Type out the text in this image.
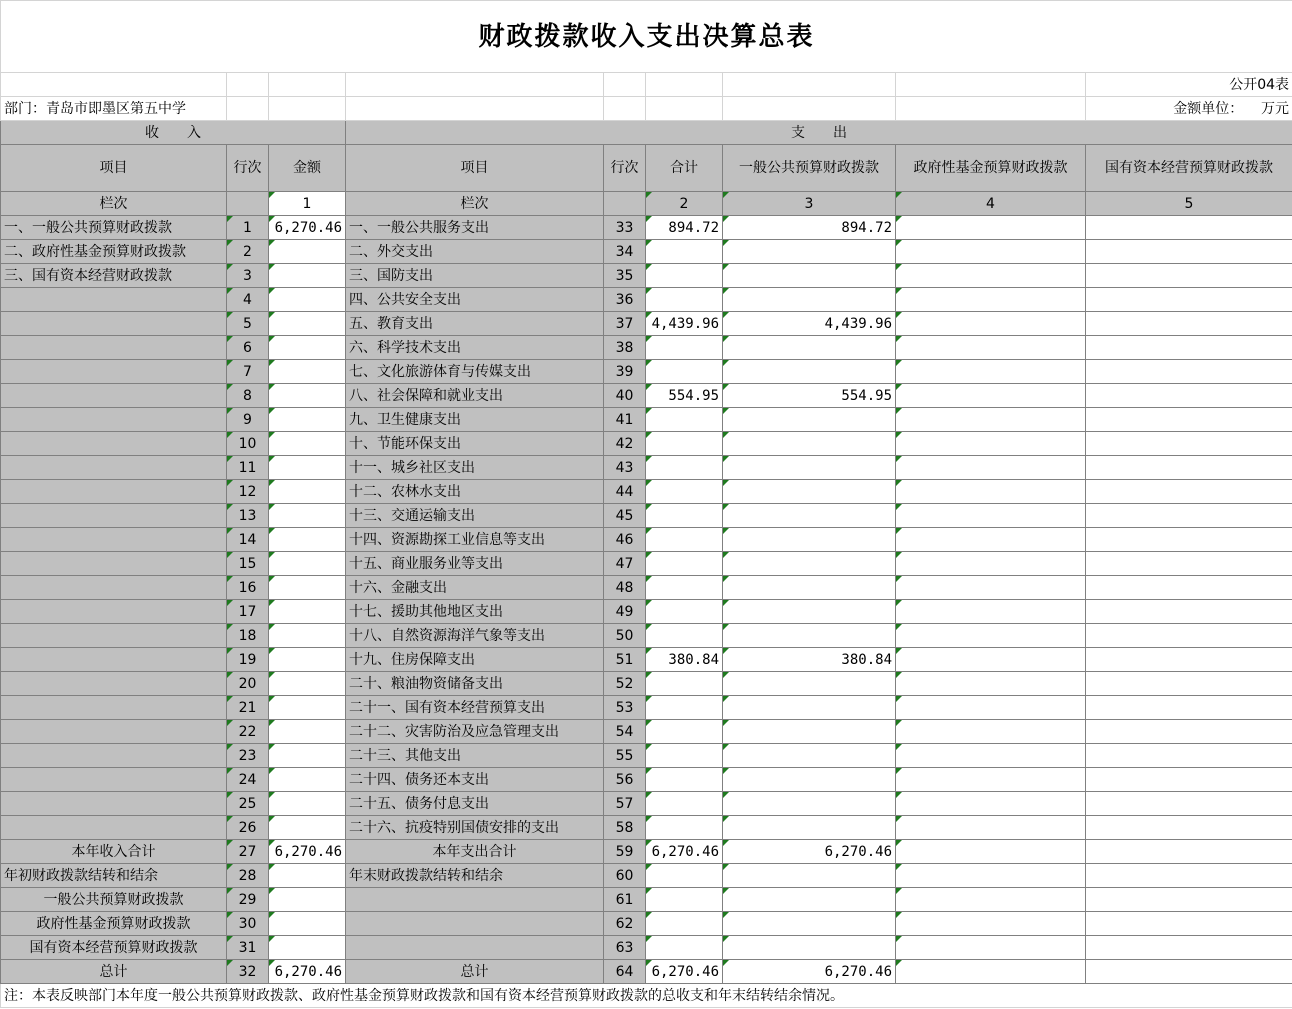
财政拨款收入支出决算总表								
								公开04表
部门：青岛市即墨区第五中学								金额单位： 万元
收　　入			支　　出					
项目	行次	金额	项目	行次	合计	一般公共预算财政拨款	政府性基金预算财政拨款	国有资本经营预算财政拨款
栏次		1	栏次		2	3	4	5
一、一般公共预算财政拨款	1	6,270.46	一、一般公共服务支出	33	894.72	894.72		
二、政府性基金预算财政拨款	2		二、外交支出	34				
三、国有资本经营财政拨款	3		三、国防支出	35				
	4		四、公共安全支出	36				
	5		五、教育支出	37	4,439.96	4,439.96		
	6		六、科学技术支出	38				
	7		七、文化旅游体育与传媒支出	39				
	8		八、社会保障和就业支出	40	554.95	554.95		
	9		九、卫生健康支出	41				
	10		十、节能环保支出	42				
	11		十一、城乡社区支出	43				
	12		十二、农林水支出	44				
	13		十三、交通运输支出	45				
	14		十四、资源勘探工业信息等支出	46				
	15		十五、商业服务业等支出	47				
	16		十六、金融支出	48				
	17		十七、援助其他地区支出	49				
	18		十八、自然资源海洋气象等支出	50				
	19		十九、住房保障支出	51	380.84	380.84		
	20		二十、粮油物资储备支出	52				
	21		二十一、国有资本经营预算支出	53				
	22		二十二、灾害防治及应急管理支出	54				
	23		二十三、其他支出	55				
	24		二十四、债务还本支出	56				
	25		二十五、债务付息支出	57				
	26		二十六、抗疫特别国债安排的支出	58				
本年收入合计	27	6,270.46	本年支出合计	59	6,270.46	6,270.46		
年初财政拨款结转和结余	28		年末财政拨款结转和结余	60				
一般公共预算财政拨款	29			61				
政府性基金预算财政拨款	30			62				
国有资本经营预算财政拨款	31			63				
总计	32	6,270.46	总计	64	6,270.46	6,270.46		
注：本表反映部门本年度一般公共预算财政拨款、政府性基金预算财政拨款和国有资本经营预算财政拨款的总收支和年末结转结余情况。								
